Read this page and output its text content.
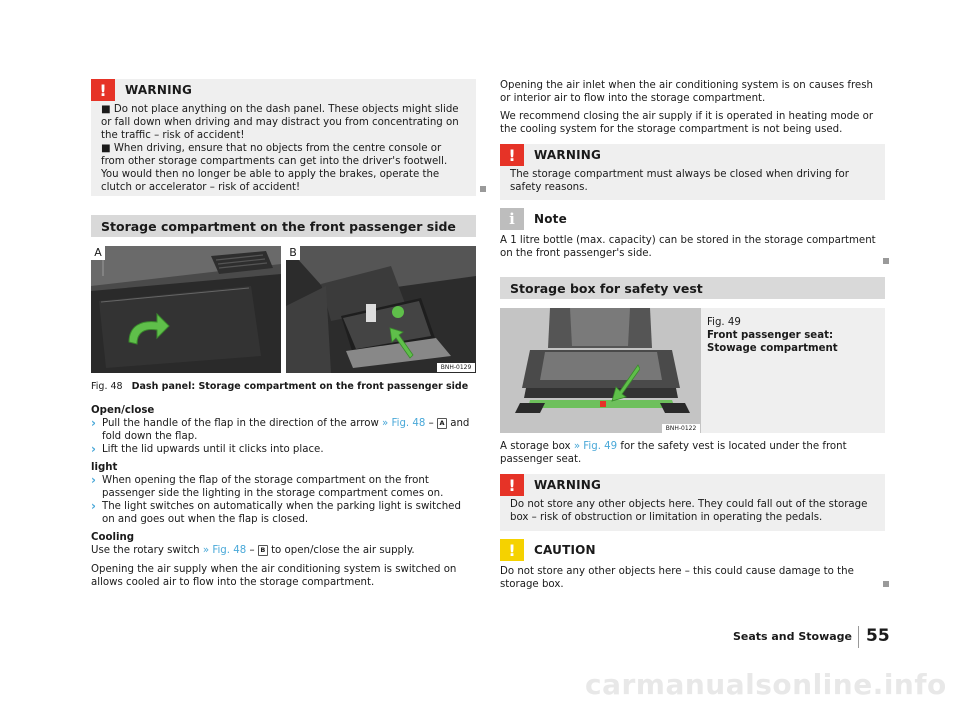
!	WARNING

■ Do not place anything on the dash panel. These objects might slide or fall down when driving and may distract you from concentrating on the traffic – risk of accident!

■ When driving, ensure that no objects from the centre console or from other storage compartments can get into the driver's footwell. You would then no longer be able to apply the brakes, operate the clutch or accelerator – risk of accident!

Storage compartment on the front passenger side
A	B
BNH-0129
Fig. 48 Dash panel: Storage compartment on the front passenger side

Open/close

› Pull the handle of the flap in the direction of the arrow » Fig. 48 – A and fold down the flap.
› Lift the lid upwards until it clicks into place.

light

› When opening the flap of the storage compartment on the front passenger side the lighting in the storage compartment comes on.
› The light switches on automatically when the parking light is switched on and goes out when the flap is closed.

Cooling

Use the rotary switch » Fig. 48 – B to open/close the air supply.

Opening the air supply when the air conditioning system is switched on allows cooled air to flow into the storage compartment.

Opening the air inlet when the air conditioning system is on causes fresh or interior air to flow into the storage compartment.
We recommend closing the air supply if it is operated in heating mode or the cooling system for the storage compartment is not being used.
!	WARNING
The storage compartment must always be closed when driving for safety reasons.
i	Note
A 1 litre bottle (max. capacity) can be stored in the storage compartment on the front passenger's side.
Storage box for safety vest
BNH-0122

Fig. 49

Front passenger seat: Stowage compartment

A storage box » Fig. 49 for the safety vest is located under the front passenger seat.
!	WARNING
Do not store any other objects here. They could fall out of the storage box – risk of obstruction or limitation in operating the pedals.
!	CAUTION
Do not store any other objects here – this could cause damage to the storage box.
Seats and Stowage 55
carmanualsonline.info
